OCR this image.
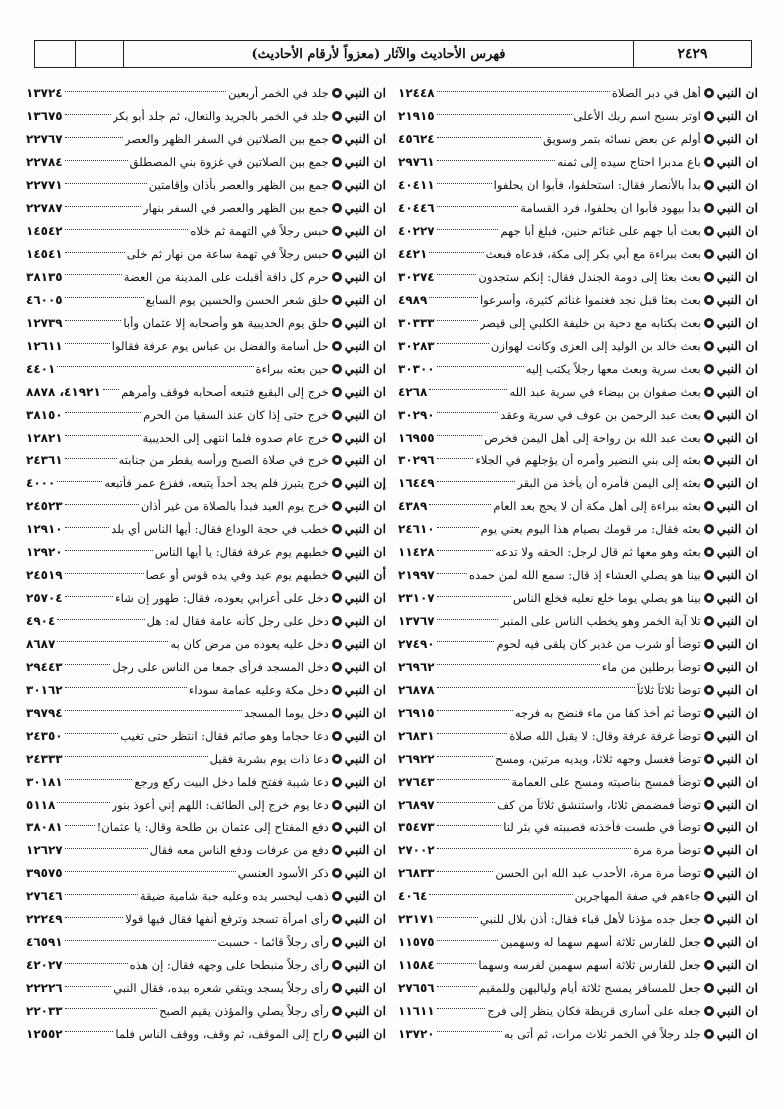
فهرس الأحاديث والآثار (معزواً لأرقام الأحاديث)	٢٤٢٩
ان النبي
أهل في دبر الصلاة
١٢٤٤٨
ان النبي
اوتر بسبح اسم ربك الأعلى
٢١٩١٥
ان النبي
أولم عن بعض نسائه بتمر وسويق
٤٥٦٢٤
ان النبي
باع مدبرا احتاج سيده إلى ثمنه
٢٩٧٦١
ان النبي
بدأ بالأنصار فقال: استحلفوا، فأبوا ان يحلفوا
٤٠٤١١
ان النبي
بدأ بيهود فأبوا ان يحلفوا، فرد القسامة
٤٠٤٤٦
ان النبي
بعث أبا جهم على غنائم حنين، فبلغ أبا جهم
٤٠٢٢٧
ان النبي
بعث ببراءة مع أبي بكر إلى مكة، فدعاه فبعث
٤٤٢١
ان النبي
بعث بعثا إلى دومة الجندل فقال: إنكم ستجدون
٣٠٢٧٤
ان النبي
بعث بعثا قبل نجد فغنموا غنائم كثيرة، وأسرعوا
٤٩٨٩
ان النبي
بعث بكتابه مع دحية بن خليفة الكلبي إلى قيصر
٣٠٣٣٣
ان النبي
بعث خالد بن الوليد إلى العزى وكانت لهوازن
٣٠٢٨٣
ان النبي
بعث سرية وبعث معها رجلاً يكتب إليه
٣٠٣٠٠
ان النبي
بعث صفوان بن بيضاء في سرية عبد الله
٤٢٦٨
ان النبي
بعث عبد الرحمن بن عوف في سرية وعقد
٣٠٢٩٠
ان النبي
بعث عبد الله بن رواحة إلى أهل اليمن فخرص
١٦٩٥٥
ان النبي
بعثه إلى بني النضير وأمره أن يؤجلهم في الجلاء
٣٠٢٩٦
ان النبي
بعثه إلى اليمن فأمره أن يأخذ من البقر
١٦٤٤٩
ان النبي
بعثه ببراءة إلى أهل مكة أن لا يحج بعد العام
٤٣٨٩
ان النبي
بعثه فقال: مر قومك بصيام هذا اليوم يعني يوم
٢٤٦١٠
ان النبي
بعثه وهو معها ثم قال لرجل: الحقه ولا تدعه
١١٤٢٨
ان النبي
بينا هو يصلي العشاء إذ قال: سمع الله لمن حمده
٢١٩٩٧
ان النبي
بينا هو يصلي يوما خلع نعليه فخلع الناس
٢٣١٠٧
ان النبي
تلا آية الخمر وهو يخطب الناس على المنبر
١٣٧٦٧
ان النبي
توضأ أو شرب من غدير كان يلقى فيه لحوم
٢٧٤٩٠
ان النبي
توضأ برطلين من ماء
٢٦٩٦٢
ان النبي
توضأ ثلاثاً ثلاثاً
٢٦٨٧٨
ان النبي
توضأ ثم أخذ كفا من ماء فنضح به فرجه
٢٦٩١٥
ان النبي
توضأ غرفة غرفة وقال: لا يقبل الله صلاة
٢٦٨٣١
ان النبي
توضأ فغسل وجهه ثلاثا، ويديه مرتين، ومسح
٢٦٩٢٢
ان النبي
توضأ فمسح بناصيته ومسح على العمامة
٢٧٦٤٣
ان النبي
توضأ فمضمض ثلاثا، واستنشق ثلاثاً من كف
٢٦٨٩٧
ان النبي
توضأ في طست فأخذته فصببته في بئر لنا
٣٥٤٧٣
ان النبي
توضأ مرة مرة
٢٧٠٠٢
ان النبي
توضأ مرة مرة، الأحدب عبد الله ابن الحسن
٢٦٨٣٣
ان النبي
جاءهم في صفة المهاجرين
٤٠٦٤
ان النبي
جعل جده مؤذنا لأهل قباء فقال: أذن بلال للنبي
٢٣١٧١
ان النبي
جعل للفارس ثلاثة أسهم سهما له وسهمين
١١٥٧٥
ان النبي
جعل للفارس ثلاثة أسهم سهمين لفرسه وسهما
١١٥٨٤
ان النبي
جعل للمسافر يمسح ثلاثة أيام ولياليهن وللمقيم
٢٧٦٥٦
ان النبي
جعله على أسارى قريظة فكان ينظر إلى فرج
١١٦١١
ان النبي
جلد رجلاً في الخمر ثلاث مرات، ثم أتى به
١٣٧٢٠
ان النبي
جلد في الخمر أربعين
١٣٧٢٤
ان النبي
جلد في الخمر بالجريد والنعال، ثم جلد أبو بكر
١٣٦٧٥
ان النبي
جمع بين الصلاتين في السفر الظهر والعصر
٢٢٧٦٧
ان النبي
جمع بين الصلاتين في غزوة بني المصطلق
٢٢٧٨٤
ان النبي
جمع بين الظهر والعصر بأذان وإقامتين
٢٢٧٧١
ان النبي
جمع بين الظهر والعصر في السفر بنهار
٢٢٧٨٧
ان النبي
حبس رجلاً في التهمة ثم خلاه
١٤٥٤٢
ان النبي
حبس رجلاً في تهمة ساعة من نهار ثم خلى
١٤٥٤١
ان النبي
حرم كل دافة أقبلت على المدينة من العضة
٣٨١٣٥
ان النبي
حلق شعر الحسن والحسين يوم السابع
٤٦٠٠٥
ان النبي
حلق يوم الحديبية هو وأصحابه إلا عثمان وأبا
١٢٧٣٩
ان النبي
حل أسامة والفضل بن عباس يوم عرفة فقالوا
١٢٦١١
ان النبي
حين بعثه ببراءة
٤٤٠١
ان النبي
خرج إلى البقيع فتبعه أصحابه فوقف وأمرهم
٤١٩٢١، ٨٨٧٨
ان النبي
خرج حتى إذا كان عند السقيا من الحرم
٣٨١٥٠
ان النبي
خرج عام صدوه فلما انتهى إلى الحديبية
١٢٨٢١
ان النبي
خرج في صلاة الصبح ورأسه يقطر من جنابته
٢٤٣٦١
إن النبي
خرج يتبرز فلم يجد أحداً يتبعه، ففزع عمر فأتبعه
٤٠٠٠
ان النبي
خرج يوم العيد فبدأ بالصلاة من غير أذان
٢٤٥٢٣
ان النبي
خطب في حجة الوداع فقال: أيها الناس أي بلد
١٢٩١٠
ان النبي
خطبهم يوم عرفة فقال: يا أيها الناس
١٢٩٢٠
أن النبي
خطبهم يوم عيد وفي يده قوس أو عصا
٢٤٥١٩
ان النبي
دخل على أعرابي يعوده، فقال: طهور إن شاء
٢٥٧٠٤
ان النبي
دخل على رجل كأنه عامة فقال له: هل
٤٩٠٤
ان النبي
دخل عليه يعوده من مرض كان به
٨٦٨٧
ان النبي
دخل المسجد فرأى جمعا من الناس على رجل
٢٩٤٤٣
ان النبي
دخل مكة وعليه عمامة سوداء
٣٠١٦٢
ان النبي
دخل يوما المسجد
٣٩٧٩٤
ان النبي
دعا حجاما وهو صائم فقال: انتظر حتى تغيب
٢٤٣٥٠
ان النبي
دعا ذات يوم بشربة فقيل
٢٤٣٣٣
ان النبي
دعا شيبة ففتح فلما دخل البيت ركع ورجع
٣٠١٨١
ان النبي
دعا يوم خرج إلى الطائف: اللهم إني أعوذ بنور
٥١١٨
ان النبي
دفع المفتاح إلى عثمان بن طلحة وقال: يا عثمان!
٣٨٠٨١
ان النبي
دفع من عرفات ودفع الناس معه فقال
١٢٦٢٧
ان النبي
ذكر الأسود العنسي
٣٩٥٧٥
ان النبي
ذهب ليحسر يده وعليه جبة شامية ضيقة
٢٧٦٤٦
ان النبي
رأى امرأة تسجد وترفع أنفها فقال فيها قولا
٢٢٢٤٩
ان النبي
رأى رجلاً قائما - حسبت
٤٦٥٩١
ان النبي
رأى رجلاً منبطحا على وجهه فقال: إن هذه
٤٢٠٢٧
ان النبي
رأى رجلاً يسجد ويتقي شعره بيده، فقال النبي
٢٢٢٢٦
ان النبي
رأى رجلاً يصلي والمؤذن يقيم الصبح
٢٢٠٣٣
ان النبي
راح إلى الموقف، ثم وقف، ووقف الناس فلما
١٢٥٥٢
